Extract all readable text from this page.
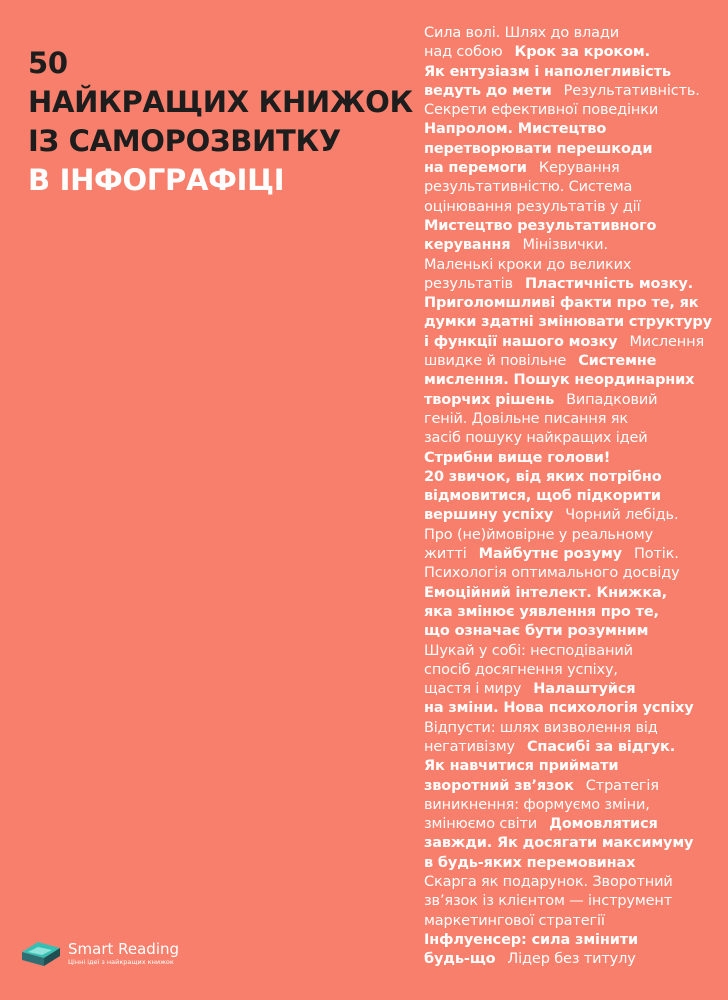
50
НАЙКРАЩИХ КНИЖОК
ІЗ САМОРОЗВИТКУ
В ІНФОГРАФІЦІ
Сила волі. Шлях до влади
над собою Крок за кроком.
Як ентузіазм і наполегливість
ведуть до мети Результативність.
Секрети ефективної поведінки
Напролом. Мистецтво
перетворювати перешкоди
на перемоги Керування
результативністю. Система
оцінювання результатів у дії
Мистецтво результативного
керування Мінізвички.
Маленькі кроки до великих
результатів Пластичність мозку.
Приголомшливі факти про те, як
думки здатні змінювати структуру
і функції нашого мозку Мислення
швидке й повільне Системне
мислення. Пошук неординарних
творчих рішень Випадковий
геній. Довільне писання як
засіб пошуку найкращих ідей
Стрибни вище голови!
20 звичок, від яких потрібно
відмовитися, щоб підкорити
вершину успіху Чорний лебідь.
Про (не)ймовірне у реальному
житті Майбутнє розуму Потік.
Психологія оптимального досвіду
Емоційний інтелект. Книжка,
яка змінює уявлення про те,
що означає бути розумним
Шукай у собі: несподіваний
спосіб досягнення успіху,
щастя і миру Налаштуйся
на зміни. Нова психологія успіху
Відпусти: шлях визволення від
негативізму Спасибі за відгук.
Як навчитися приймати
зворотний зв’язок Стратегія
виникнення: формуємо зміни,
змінюємо світи Домовлятися
завжди. Як досягати максимуму
в будь-яких перемовинах
Скарга як подарунок. Зворотний
зв’язок із клієнтом — інструмент
маркетингової стратегії
Інфлуенсер: сила змінити
будь-що Лідер без титулу
Smart Reading
Цінні ідеї з найкращих книжок
